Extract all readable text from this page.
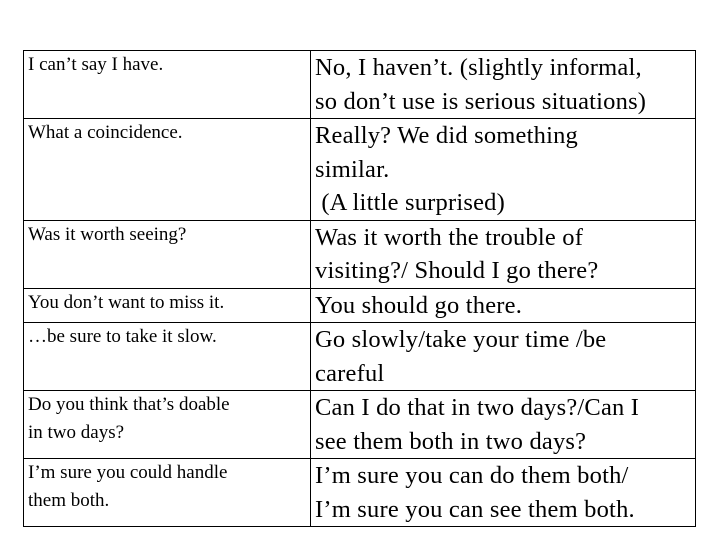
I can’t say I have.	No, I haven’t. (slightly informal,
so don’t use is serious situations)

What a coincidence.	Really? We did something
similar.
(A little surprised)

Was it worth seeing?	Was it worth the trouble of
visiting?/ Should I go there?

You don’t want to miss it.	You should go there.

…be sure to take it slow.	Go slowly/take your time /be
careful

Do you think that’s doable
in two days?	Can I do that in two days?/Can I
see them both in two days?

I’m sure you could handle
them both.	I’m sure you can do them both/
I’m sure you can see them both.
